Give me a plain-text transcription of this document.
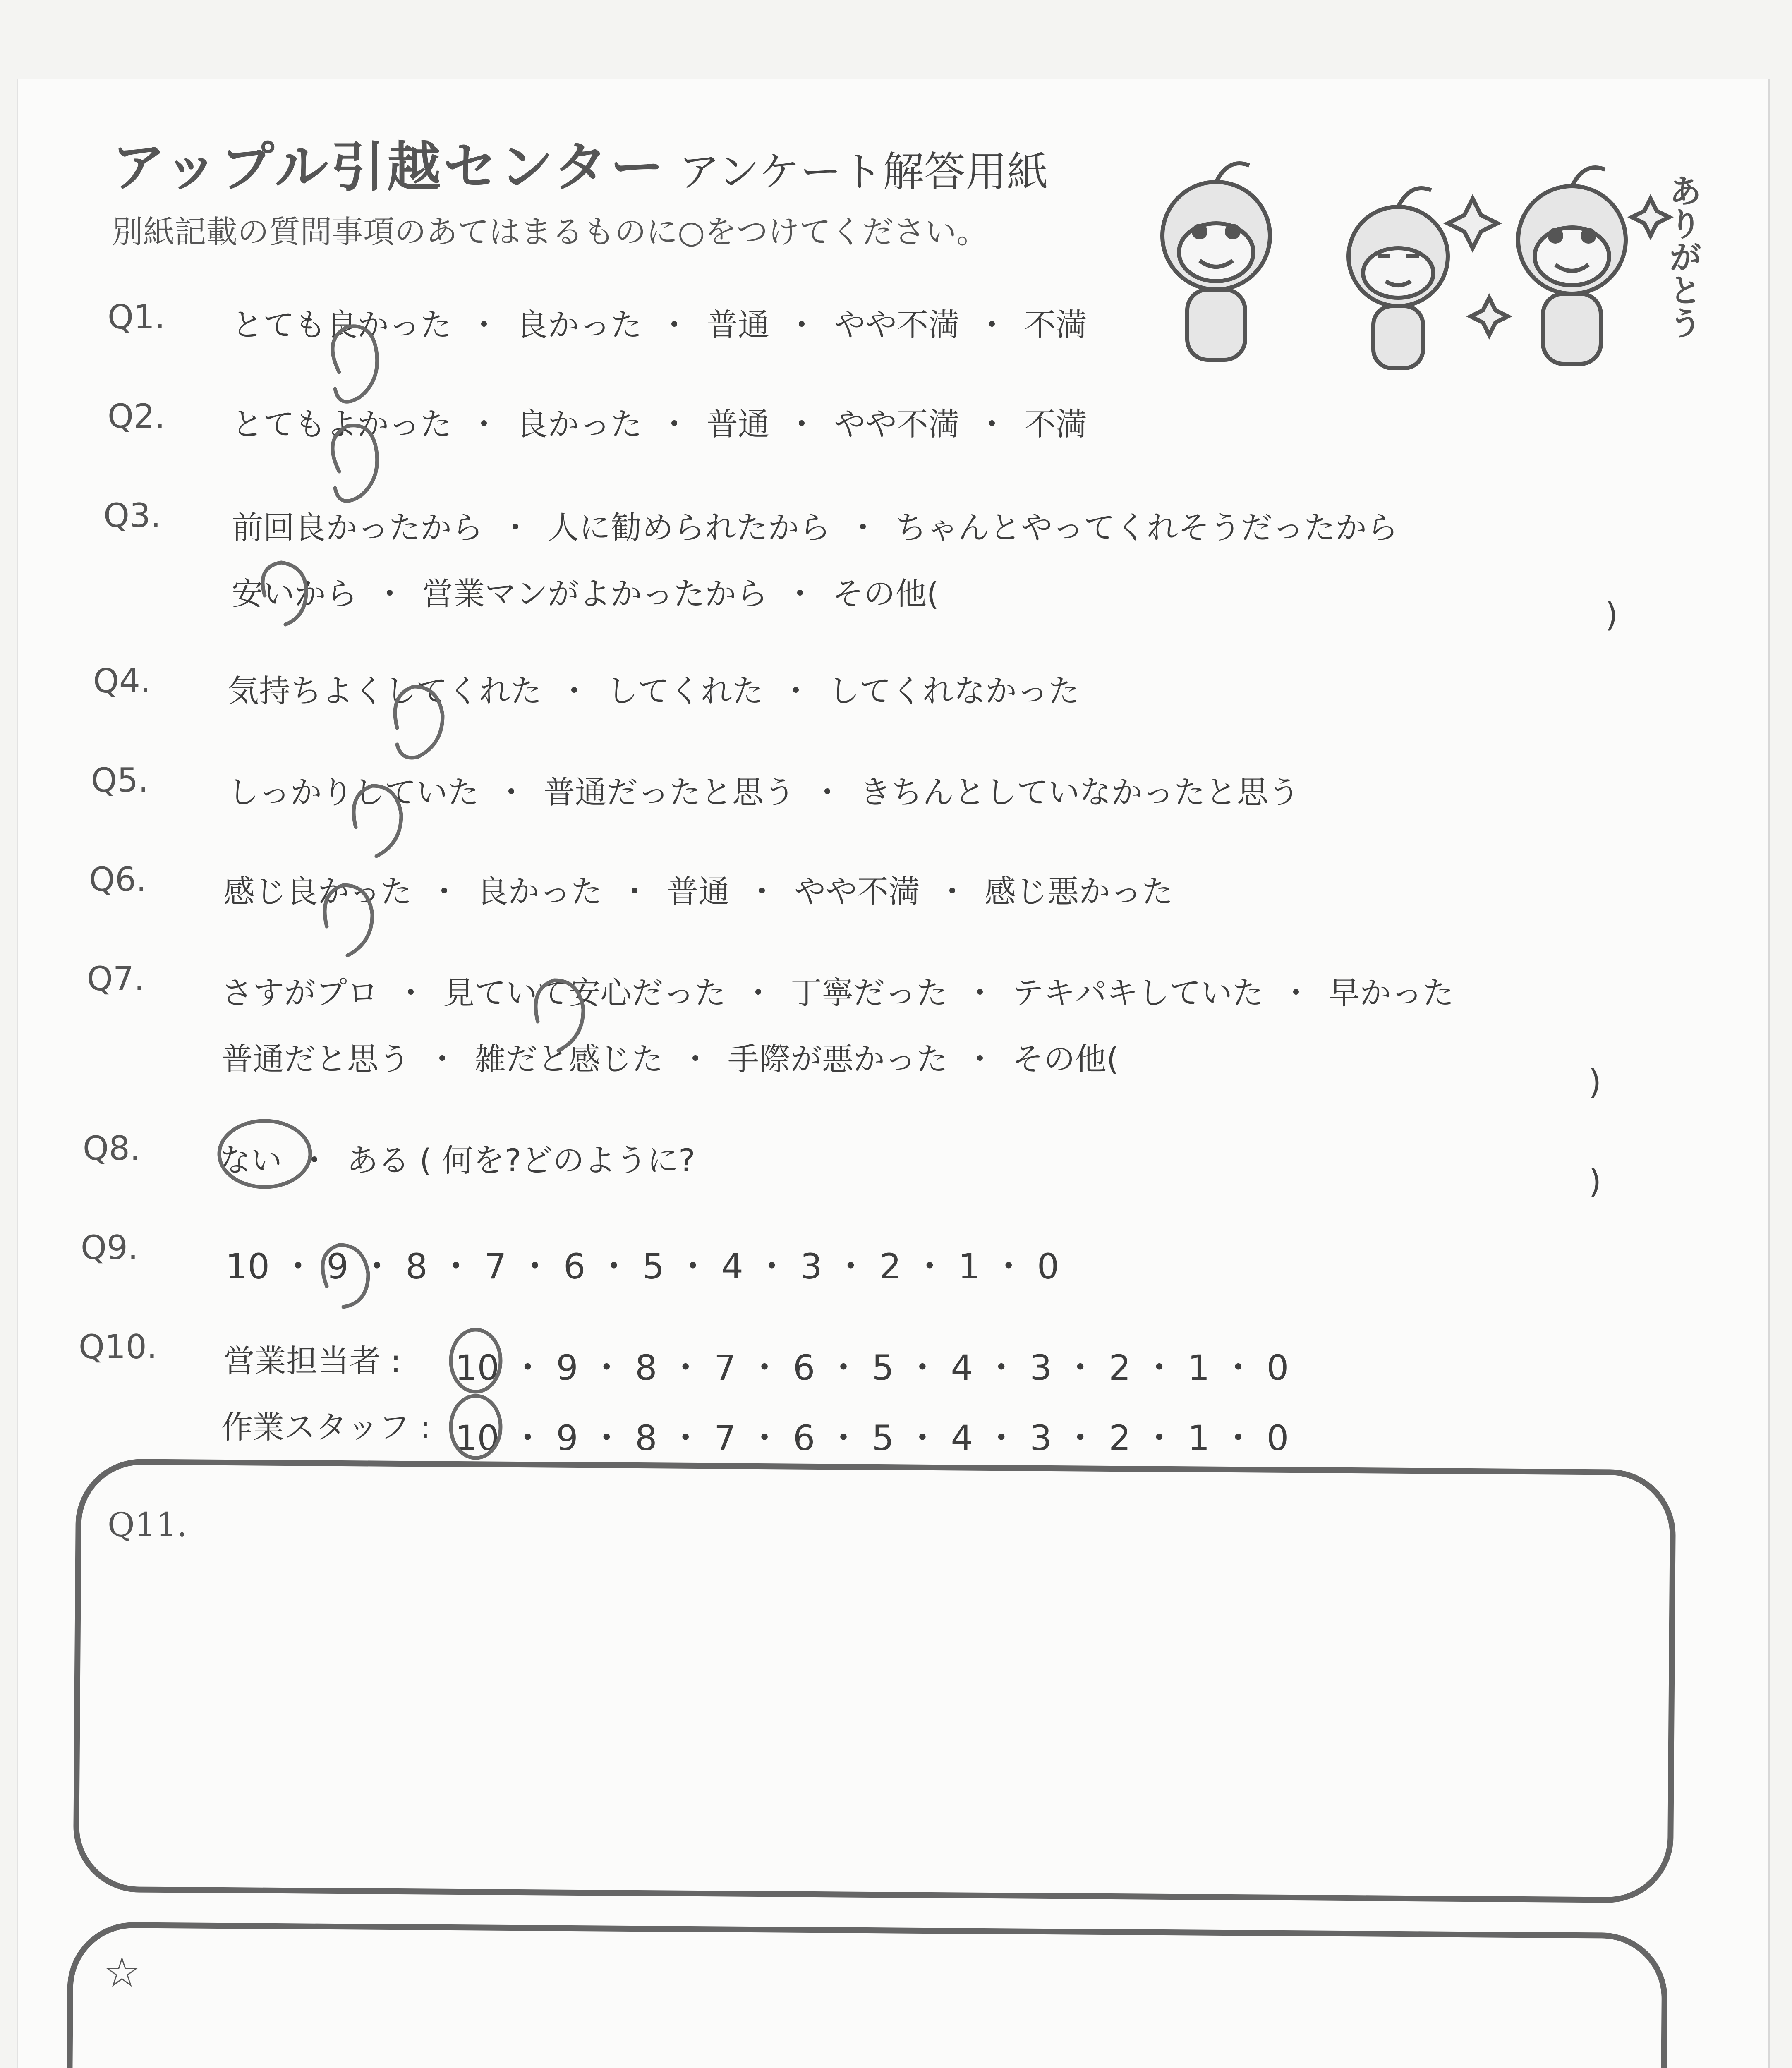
アップル引越センター アンケート解答用紙
別紙記載の質問事項のあてはまるものに○をつけてください。	ありがとう
Q1. とても良かった ・ 良かった ・ 普通 ・ やや不満 ・ 不満
Q2. とてもよかった ・ 良かった ・ 普通 ・ やや不満 ・ 不満
Q3. 前回良かったから ・ 人に勧められたから ・ ちゃんとやってくれそうだったから
安いから ・ 営業マンがよかったから ・ その他(
)
Q4. 気持ちよくしてくれた ・ してくれた ・ してくれなかった
Q5.	しっかりしていた ・ 普通だったと思う ・ きちんとしていなかったと思う
Q6. 感じ良かった ・ 良かった ・ 普通 ・ やや不満 ・ 感じ悪かった
Q7. さすがプロ ・ 見ていて安心だった ・ 丁寧だった ・ テキパキしていた ・ 早かった
普通だと思う ・ 雑だと感じた ・ 手際が悪かった ・ その他(
)
Q8.	ない ・ ある ( 何を?どのように?
)
Q9.	10 ・ 9 ・ 8 ・ 7 ・ 6 ・ 5 ・ 4 ・ 3 ・ 2 ・ 1 ・ 0
Q10. 営業担当者 : 10 ・ 9 ・ 8 ・ 7 ・ 6 ・ 5 ・ 4 ・ 3 ・ 2 ・ 1 ・ 0
作業スタッフ : 10 ・ 9 ・ 8 ・ 7 ・ 6 ・ 5 ・ 4 ・ 3 ・ 2 ・ 1 ・ 0
Q11.
☆
